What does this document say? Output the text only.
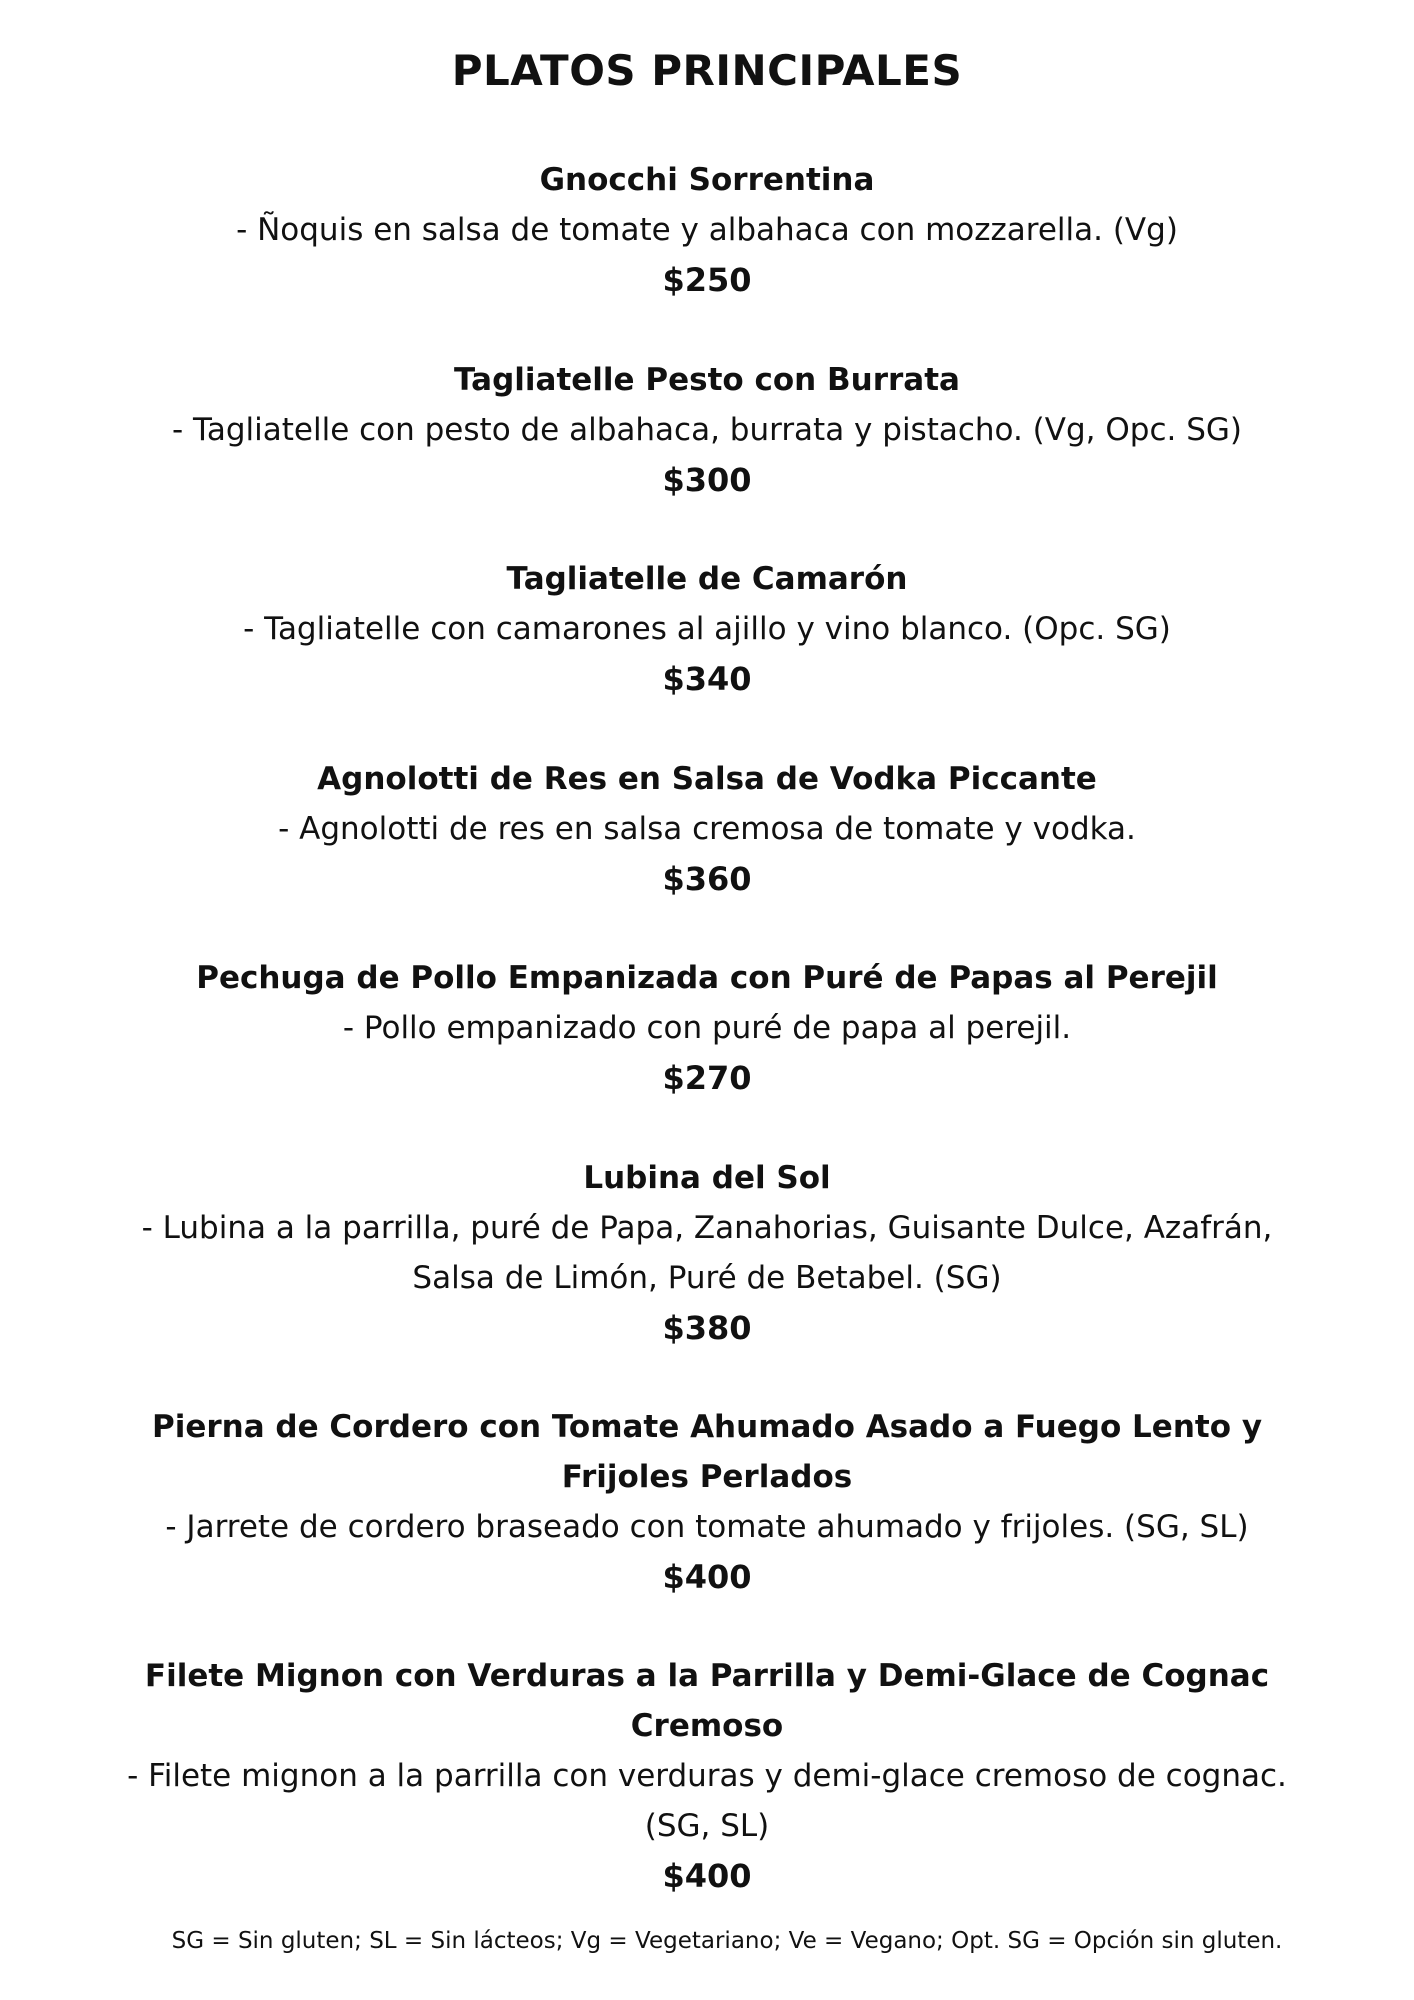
PLATOS PRINCIPALES
Gnocchi Sorrentina
- Ñoquis en salsa de tomate y albahaca con mozzarella. (Vg)
$250
Tagliatelle Pesto con Burrata
- Tagliatelle con pesto de albahaca, burrata y pistacho. (Vg, Opc. SG)
$300
Tagliatelle de Camarón
- Tagliatelle con camarones al ajillo y vino blanco. (Opc. SG)
$340
Agnolotti de Res en Salsa de Vodka Piccante
- Agnolotti de res en salsa cremosa de tomate y vodka.
$360
Pechuga de Pollo Empanizada con Puré de Papas al Perejil
- Pollo empanizado con puré de papa al perejil.
$270
Lubina del Sol
- Lubina a la parrilla, puré de Papa, Zanahorias, Guisante Dulce, Azafrán, Salsa de Limón, Puré de Betabel. (SG)
$380
Pierna de Cordero con Tomate Ahumado Asado a Fuego Lento y Frijoles Perlados
- Jarrete de cordero braseado con tomate ahumado y frijoles. (SG, SL)
$400
Filete Mignon con Verduras a la Parrilla y Demi-Glace de Cognac Cremoso
- Filete mignon a la parrilla con verduras y demi-glace cremoso de cognac. (SG, SL)
$400
SG = Sin gluten; SL = Sin lácteos; Vg = Vegetariano; Ve = Vegano; Opt. SG = Opción sin gluten.
